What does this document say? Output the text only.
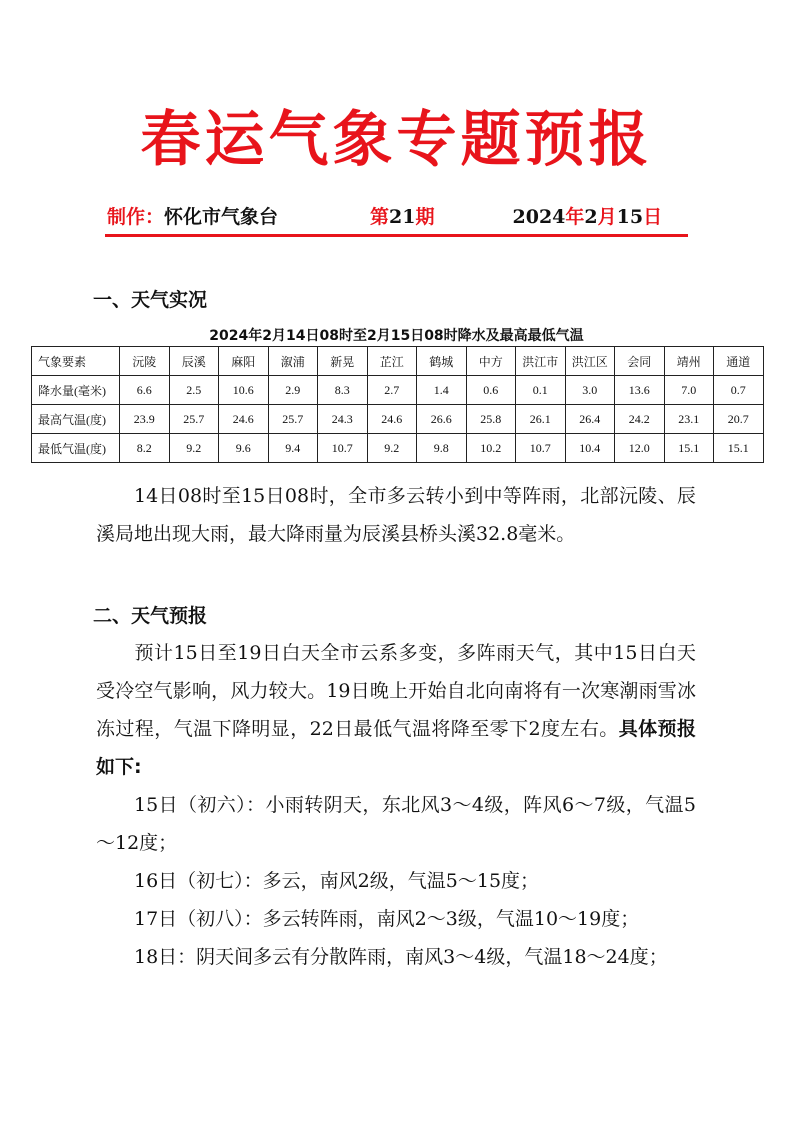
春运气象专题预报
制作：怀化市气象台	第21期	2024年2月15日
一、天气实况
2024年2月14日08时至2月15日08时降水及最高最低气温
气象要素	沅陵	辰溪	麻阳	溆浦	新晃	芷江	鹤城	中方	洪江市	洪江区	会同	靖州	通道
降水量(毫米)	6.6	2.5	10.6	2.9	8.3	2.7	1.4	0.6	0.1	3.0	13.6	7.0	0.7
最高气温(度)	23.9	25.7	24.6	25.7	24.3	24.6	26.6	25.8	26.1	26.4	24.2	23.1	20.7
最低气温(度)	8.2	9.2	9.6	9.4	10.7	9.2	9.8	10.2	10.7	10.4	12.0	15.1	15.1
14日08时至15日08时，全市多云转小到中等阵雨，北部沅陵、辰溪局地出现大雨，最大降雨量为辰溪县桥头溪32.8毫米。
二、天气预报
预计15日至19日白天全市云系多变，多阵雨天气，其中15日白天受冷空气影响，风力较大。19日晚上开始自北向南将有一次寒潮雨雪冰冻过程，气温下降明显，22日最低气温将降至零下2度左右。具体预报如下:
15日（初六）：小雨转阴天，东北风3～4级，阵风6～7级，气温5～12度；
16日（初七）：多云，南风2级，气温5～15度；
17日（初八）：多云转阵雨，南风2～3级，气温10～19度；
18日：阴天间多云有分散阵雨，南风3～4级，气温18～24度；
